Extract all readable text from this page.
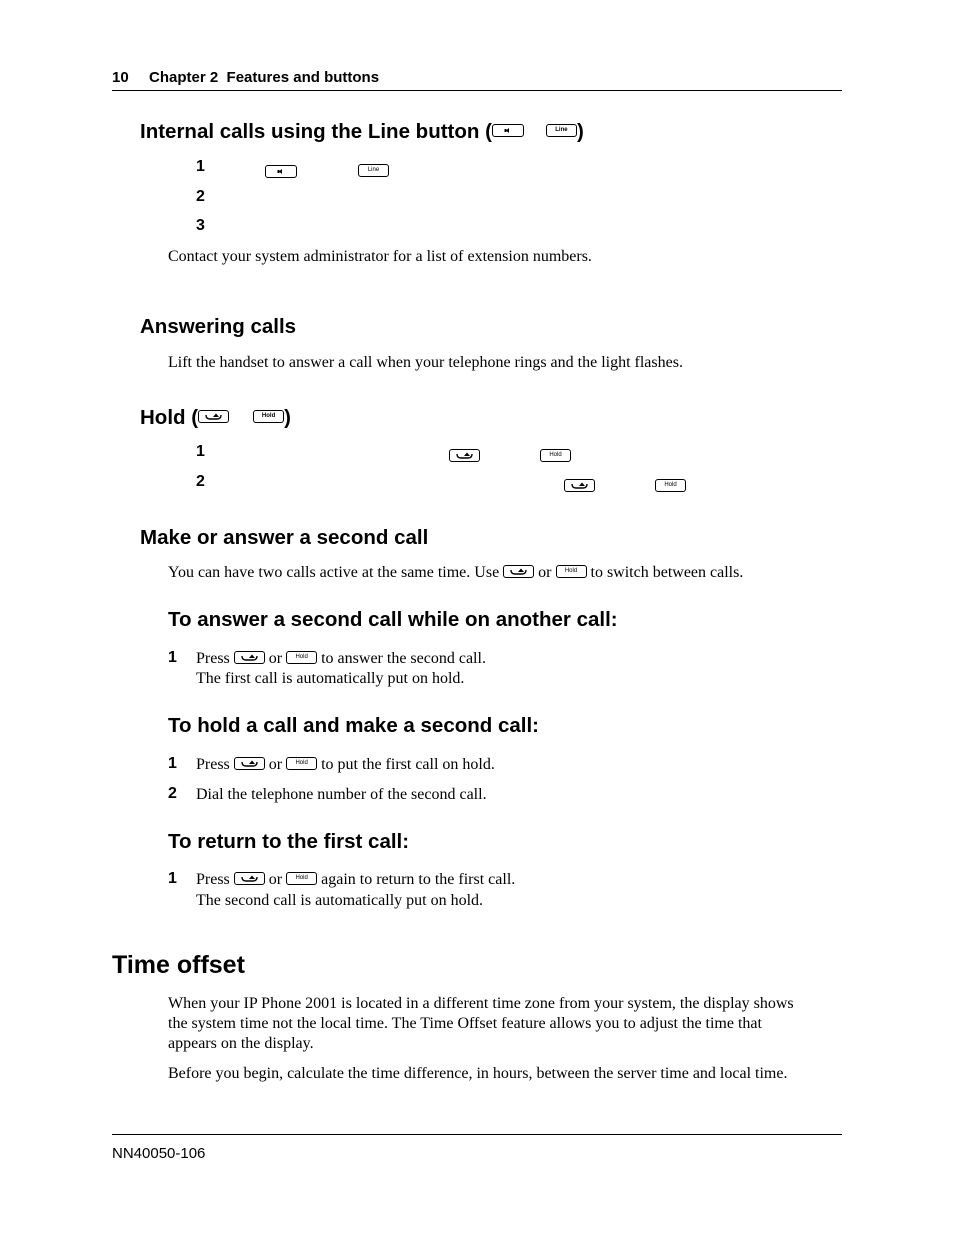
10 Chapter 2  Features and buttons
Internal calls using the Line button (	Line )
1
	Line

2
3
Contact your system administrator for a list of extension numbers.
Answering calls
Lift the handset to answer a call when your telephone rings and the light flashes.
Hold (	Hold )
1
	Hold

2
	Hold
Make or answer a second call
You can have two calls active at the same time. Use or	Hold to switch between calls.
To answer a second call while on another call:
1 Press or	Hold to answer the second call.
The first call is automatically put on hold.
To hold a call and make a second call:
1 Press or	Hold to put the first call on hold.
2 Dial the telephone number of the second call.
To return to the first call:
1 Press or	Hold again to return to the first call.
The second call is automatically put on hold.
Time offset
When your IP Phone 2001 is located in a different time zone from your system, the display shows
the system time not the local time. The Time Offset feature allows you to adjust the time that
appears on the display.
Before you begin, calculate the time difference, in hours, between the server time and local time.
NN40050-106
